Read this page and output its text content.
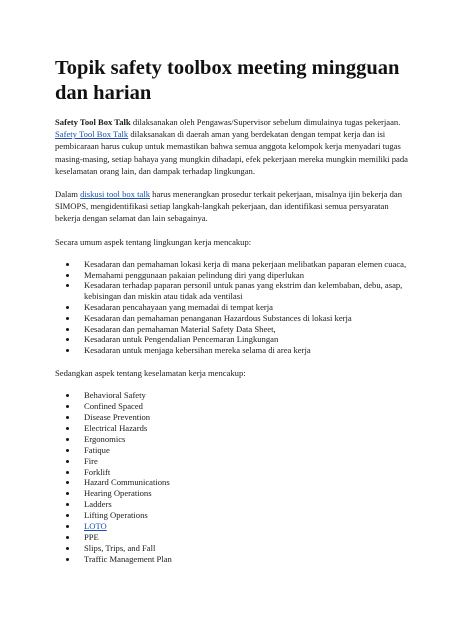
Topik safety toolbox meeting mingguan dan harian

Safety Tool Box Talk dilaksanakan oleh Pengawas/Supervisor sebelum dimulainya tugas pekerjaan. Safety Tool Box Talk dilaksanakan di daerah aman yang berdekatan dengan tempat kerja dan isi pembicaraan harus cukup untuk memastikan bahwa semua anggota kelompok kerja menyadari tugas masing-masing, setiap bahaya yang mungkin dihadapi, efek pekerjaan mereka mungkin memiliki pada keselamatan orang lain, dan dampak terhadap lingkungan.

Dalam diskusi tool box talk harus menerangkan prosedur terkait pekerjaan, misalnya ijin bekerja dan SIMOPS, mengidentifikasi setiap langkah-langkah pekerjaan, dan identifikasi semua persyaratan bekerja dengan selamat dan lain sebagainya.

Secara umum aspek tentang lingkungan kerja mencakup:

Kesadaran dan pemahaman lokasi kerja di mana pekerjaan melibatkan paparan elemen cuaca,
Memahami penggunaan pakaian pelindung diri yang diperlukan
Kesadaran terhadap paparan personil untuk panas yang ekstrim dan kelembaban, debu, asap, kebisingan dan miskin atau tidak ada ventilasi
Kesadaran pencahayaan yang memadai di tempat kerja
Kesadaran dan pemahaman penanganan Hazardous Substances di lokasi kerja
Kesadaran dan pemahaman Material Safety Data Sheet,
Kesadaran untuk Pengendalian Pencemaran Lingkungan
Kesadaran untuk menjaga kebersihan mereka selama di area kerja

Sedangkan aspek tentang keselamatan kerja mencakup:

Behavioral Safety
Confined Spaced
Disease Prevention
Electrical Hazards
Ergonomics
Fatique
Fire
Forklift
Hazard Communications
Hearing Operations
Ladders
Lifting Operations
LOTO
PPE
Slips, Trips, and Fall
Traffic Management Plan
